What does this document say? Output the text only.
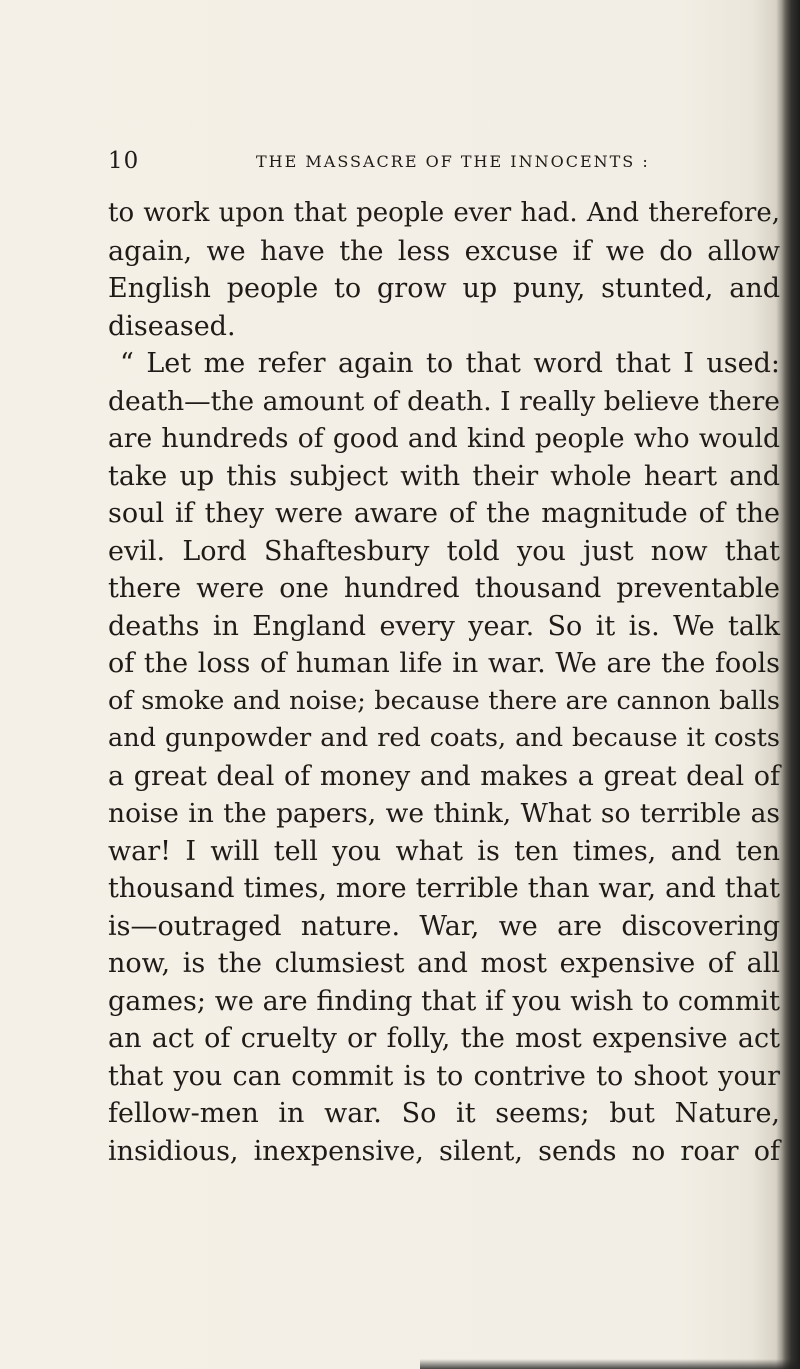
10	THE MASSACRE OF THE INNOCENTS :
to work upon that people ever had. And therefore,
again, we have the less excuse if we do allow
English people to grow up puny, stunted, and
diseased.
“ Let me refer again to that word that I used:
death—the amount of death. I really believe there
are hundreds of good and kind people who would
take up this subject with their whole heart and
soul if they were aware of the magnitude of the
evil. Lord Shaftesbury told you just now that
there were one hundred thousand preventable
deaths in England every year. So it is. We talk
of the loss of human life in war. We are the fools
of smoke and noise; because there are cannon balls
and gunpowder and red coats, and because it costs
a great deal of money and makes a great deal of
noise in the papers, we think, What so terrible as
war! I will tell you what is ten times, and ten
thousand times, more terrible than war, and that
is—outraged nature. War, we are discovering
now, is the clumsiest and most expensive of all
games; we are finding that if you wish to commit
an act of cruelty or folly, the most expensive act
that you can commit is to contrive to shoot your
fellow-men in war. So it seems; but Nature,
insidious, inexpensive, silent, sends no roar of
